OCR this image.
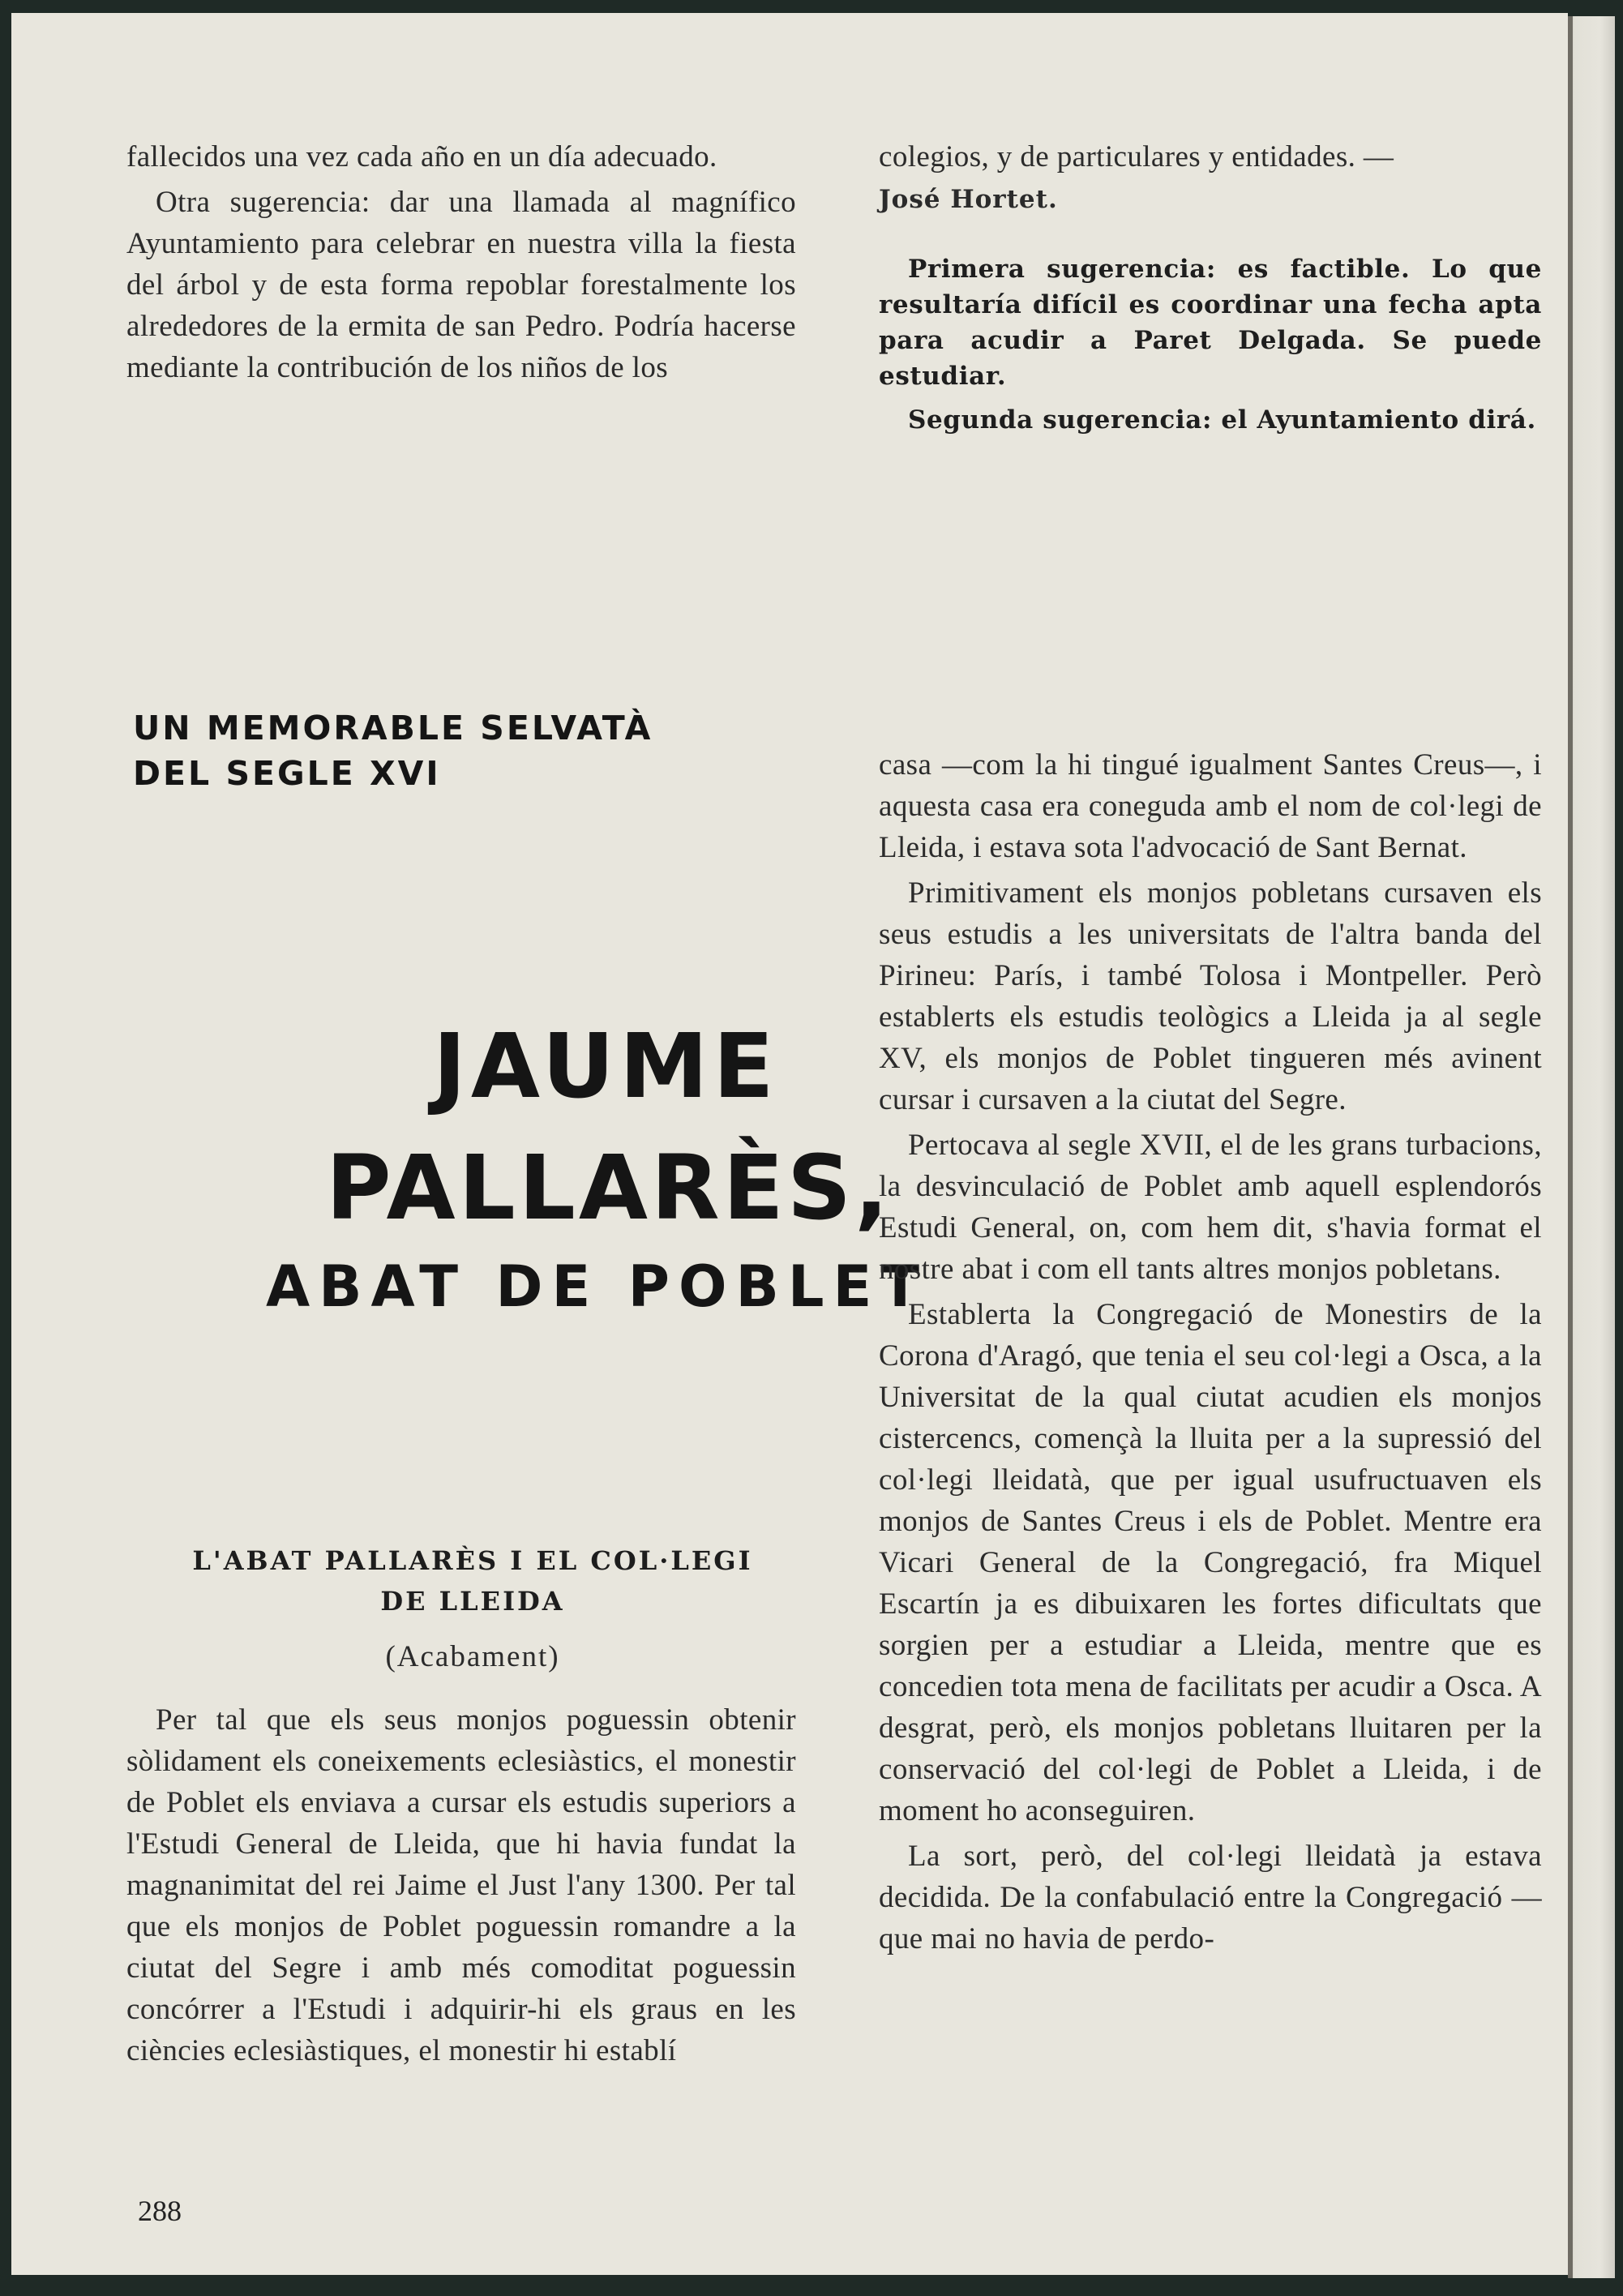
fallecidos una vez cada año en un día adecuado.

Otra sugerencia: dar una llamada al magnífico Ayuntamiento para celebrar en nuestra villa la fiesta del árbol y de esta forma repoblar forestalmente los alrededores de la ermita de san Pedro. Podría hacerse mediante la contribución de los niños de los

colegios, y de particulares y entidades. —
José Hortet.

Primera sugerencia: es factible. Lo que resultaría difícil es coordinar una fecha apta para acudir a Paret Delgada. Se puede estudiar.

Segunda sugerencia: el Ayuntamiento dirá.

UN MEMORABLE SELVATÀ
DEL SEGLE XVI
JAUME
PALLARÈS,
ABAT DE POBLET
L'ABAT PALLARÈS I EL COL·LEGI
DE LLEIDA
(Acabament)

Per tal que els seus monjos poguessin obtenir sòlidament els coneixements eclesiàstics, el monestir de Poblet els enviava a cursar els estudis superiors a l'Estudi General de Lleida, que hi havia fundat la magnanimitat del rei Jaime el Just l'any 1300. Per tal que els monjos de Poblet poguessin romandre a la ciutat del Segre i amb més comoditat poguessin concórrer a l'Estudi i adquirir-hi els graus en les ciències eclesiàstiques, el monestir hi establí

casa —com la hi tingué igualment Santes Creus—, i aquesta casa era coneguda amb el nom de col·legi de Lleida, i estava sota l'advocació de Sant Bernat.

Primitivament els monjos pobletans cursaven els seus estudis a les universitats de l'altra banda del Pirineu: París, i també Tolosa i Montpeller. Però establerts els estudis teològics a Lleida ja al segle XV, els monjos de Poblet tingueren més avinent cursar i cursaven a la ciutat del Segre.

Pertocava al segle XVII, el de les grans turbacions, la desvinculació de Poblet amb aquell esplendorós Estudi General, on, com hem dit, s'havia format el nostre abat i com ell tants altres monjos pobletans.

Establerta la Congregació de Monestirs de la Corona d'Aragó, que tenia el seu col·legi a Osca, a la Universitat de la qual ciutat acudien els monjos cistercencs, començà la lluita per a la supressió del col·legi lleidatà, que per igual usufructuaven els monjos de Santes Creus i els de Poblet. Mentre era Vicari General de la Congregació, fra Miquel Escartín ja es dibuixaren les fortes dificultats que sorgien per a estudiar a Lleida, mentre que es concedien tota mena de facilitats per acudir a Osca. A desgrat, però, els monjos pobletans lluitaren per la conservació del col·legi de Poblet a Lleida, i de moment ho aconseguiren.

La sort, però, del col·legi lleidatà ja estava decidida. De la confabulació entre la Congregació —que mai no havia de perdo-

288
